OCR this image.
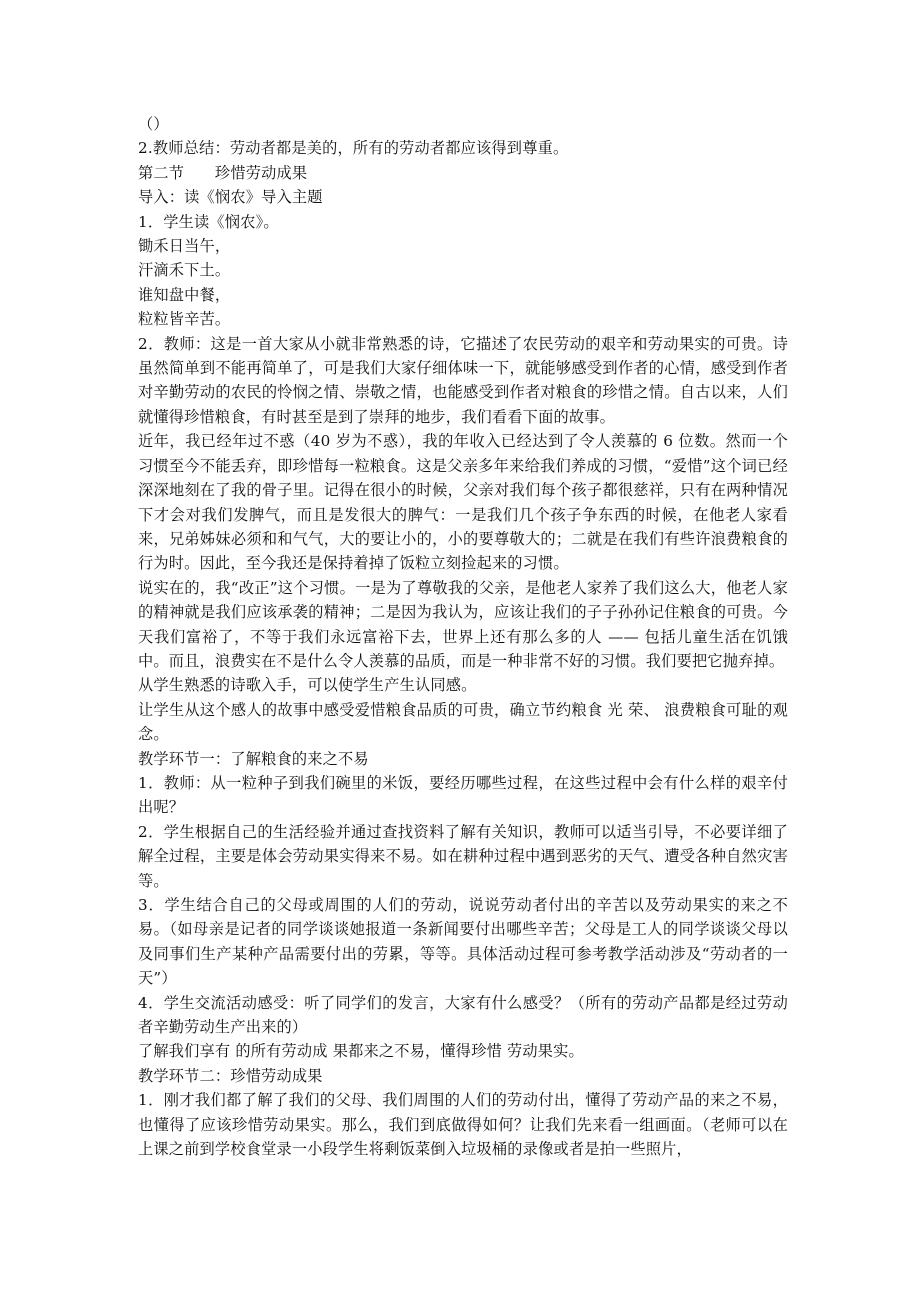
（）

2.教师总结：劳动者都是美的，所有的劳动者都应该得到尊重。

第二节　　珍惜劳动成果

导入：读《悯农》导入主题

1．学生读《悯农》。

锄禾日当午，

汗滴禾下土。

谁知盘中餐，

粒粒皆辛苦。

2．教师：这是一首大家从小就非常熟悉的诗，它描述了农民劳动的艰辛和劳动果实的可贵。诗虽然简单到不能再简单了，可是我们大家仔细体味一下，就能够感受到作者的心情，感受到作者对辛勤劳动的农民的怜悯之情、崇敬之情，也能感受到作者对粮食的珍惜之情。自古以来，人们就懂得珍惜粮食，有时甚至是到了崇拜的地步，我们看看下面的故事。

近年，我已经年过不惑（40 岁为不惑），我的年收入已经达到了令人羡慕的 6 位数。然而一个习惯至今不能丢弃，即珍惜每一粒粮食。这是父亲多年来给我们养成的习惯，“爱惜”这个词已经深深地刻在了我的骨子里。记得在很小的时候，父亲对我们每个孩子都很慈祥，只有在两种情况下才会对我们发脾气，而且是发很大的脾气：一是我们几个孩子争东西的时候，在他老人家看来，兄弟姊妹必须和和气气，大的要让小的，小的要尊敬大的；二就是在我们有些许浪费粮食的行为时。因此，至今我还是保持着掉了饭粒立刻捡起来的习惯。

说实在的，我“改正”这个习惯。一是为了尊敬我的父亲，是他老人家养了我们这么大，他老人家的精神就是我们应该承袭的精神；二是因为我认为，应该让我们的子子孙孙记住粮食的可贵。今天我们富裕了，不等于我们永远富裕下去，世界上还有那么多的人 —— 包括儿童生活在饥饿中。而且，浪费实在不是什么令人羡慕的品质，而是一种非常不好的习惯。我们要把它抛弃掉。

从学生熟悉的诗歌入手，可以使学生产生认同感。

让学生从这个感人的故事中感受爱惜粮食品质的可贵，确立节约粮食 光 荣、 浪费粮食可耻的观念。

教学环节一：了解粮食的来之不易

1．教师：从一粒种子到我们碗里的米饭，要经历哪些过程，在这些过程中会有什么样的艰辛付出呢？

2．学生根据自己的生活经验并通过查找资料了解有关知识，教师可以适当引导，不必要详细了解全过程，主要是体会劳动果实得来不易。如在耕种过程中遇到恶劣的天气、遭受各种自然灾害等。

3．学生结合自己的父母或周围的人们的劳动，说说劳动者付出的辛苦以及劳动果实的来之不易。（如母亲是记者的同学谈谈她报道一条新闻要付出哪些辛苦；父母是工人的同学谈谈父母以及同事们生产某种产品需要付出的劳累，等等。具体活动过程可参考教学活动涉及“劳动者的一天”）

4．学生交流活动感受：听了同学们的发言，大家有什么感受？（所有的劳动产品都是经过劳动者辛勤劳动生产出来的）

了解我们享有 的所有劳动成 果都来之不易，懂得珍惜 劳动果实。

教学环节二：珍惜劳动成果

1．刚才我们都了解了我们的父母、我们周围的人们的劳动付出，懂得了劳动产品的来之不易，也懂得了应该珍惜劳动果实。那么，我们到底做得如何？让我们先来看一组画面。（老师可以在上课之前到学校食堂录一小段学生将剩饭菜倒入垃圾桶的录像或者是拍一些照片，
